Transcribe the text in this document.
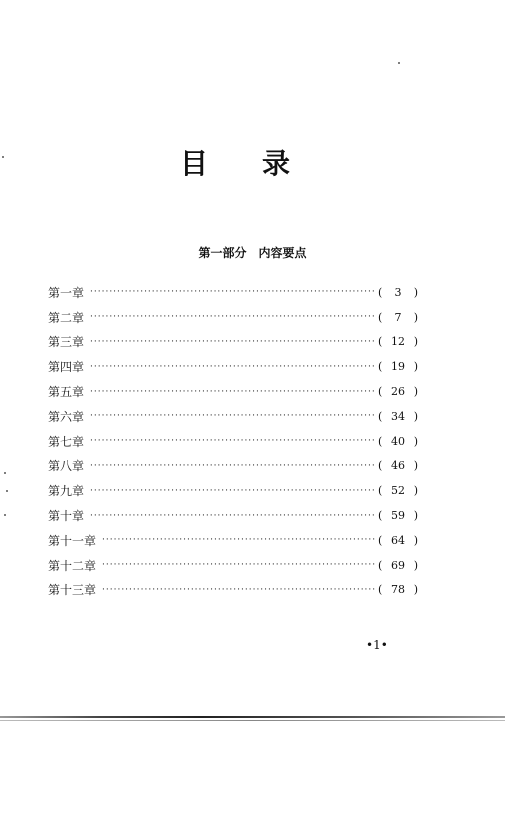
目 录
第一部分　内容要点
第一章 ·····	(	3	)
第二章 ·····	(	7	)
第三章 ·····	( 12 )
第四章 ·····	( 19 )
第五章 ·····	( 26 )
第六章 ·····	( 34 )
第七章 ·····	( 40 )
第八章 ·····	( 46 )
第九章 ·····	( 52 )
第十章 ·····	( 59 )
第十一章 ·····	( 64 )
第十二章 ·····	( 69 )
第十三章 ·····	( 78 )
•1•
